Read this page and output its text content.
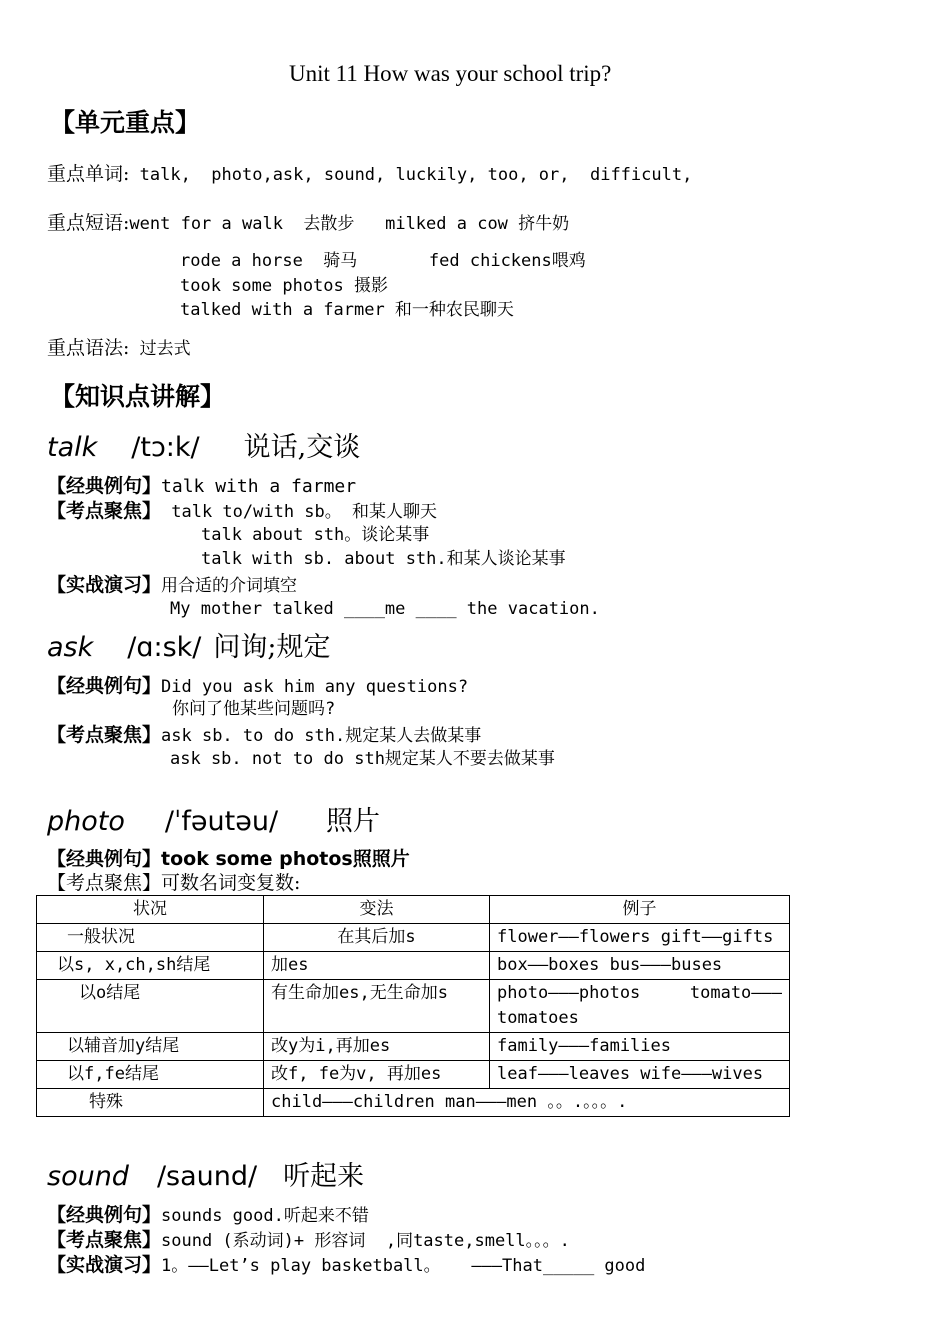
Unit 11 How was your school trip?
【单元重点】
重点单词: talk,  photo,ask, sound, luckily, too, or,  difficult,
重点短语:went for a walk  去散步   milked a cow 挤牛奶
rode a horse  骑马       fed chickens喂鸡
took some photos 摄影
talked with a farmer 和一种农民聊天
重点语法: 过去式
【知识点讲解】
talk /tɔ:k/ 说话,交谈
【经典例句】talk with a farmer
【考点聚焦】 talk to/with sb。 和某人聊天
talk about sth。谈论某事
talk with sb. about sth.和某人谈论某事
【实战演习】用合适的介词填空
My mother talked ____me ____ the vacation.
ask /ɑ:sk/ 问询;规定
【经典例句】Did you ask him any questions?
你问了他某些问题吗?
【考点聚焦】ask sb. to do sth.规定某人去做某事
ask sb. not to do sth规定某人不要去做某事
photo /ˈfəutəu/ 照片
【经典例句】took some photos照照片
【考点聚焦】可数名词变复数:
状况	变法	例子
一般状况	在其后加s	flower——flowers gift——gifts
以s, x,ch,sh结尾	加es	box——boxes bus———buses
以o结尾	有生命加es,无生命加s	photo———photos tomato———tomatoes
以辅音加y结尾	改y为i,再加es	family———families
以f,fe结尾	改f, fe为v, 再加es	leaf———leaves wife———wives
特殊	child———children man———men 。。.。。。.	
sound /saund/ 听起来
【经典例句】sounds good.听起来不错
【考点聚焦】sound (系动词)+ 形容词  ,同taste,smell。。。.
【实战演习】1。——Let’s play basketball。   ———That_____ good
